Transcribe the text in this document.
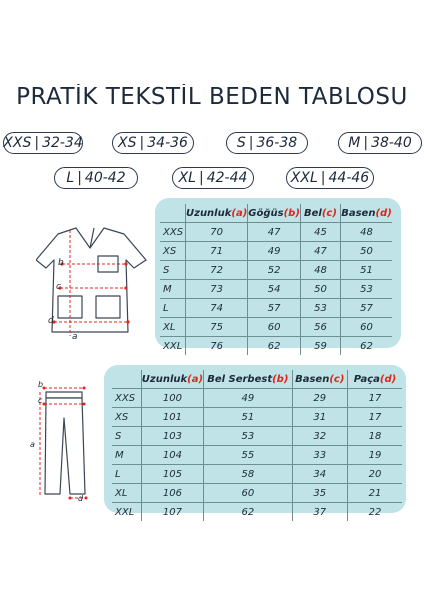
PRATİK TEKSTİL BEDEN TABLOSU
XXS | 32-34	XS | 34-36	S | 36-38	M | 38-40
L | 40-42	XL | 42-44	XXL | 44-46
b
c
d
a
	Uzunluk(a)	Göğüs(b)	Bel(c)	Basen(d)
XXS	70	47	45	48
XS	71	49	47	50
S	72	52	48	51
M	73	54	50	53
L	74	57	53	57
XL	75	60	56	60
XXL	76	62	59	62
b
c
a
d
	Uzunluk(a)	Bel Serbest(b)	Basen(c)	Paça(d)
XXS	100	49	29	17
XS	101	51	31	17
S	103	53	32	18
M	104	55	33	19
L	105	58	34	20
XL	106	60	35	21
XXL	107	62	37	22
